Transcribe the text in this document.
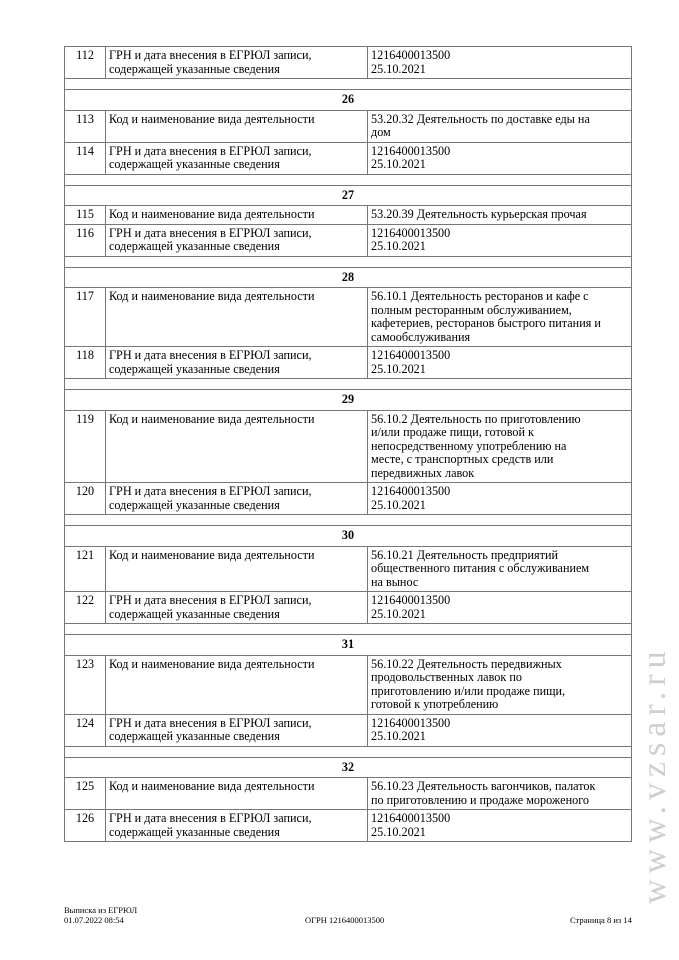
112	ГРН и дата внесения в ЕГРЮЛ записи,
содержащей указанные сведения	1216400013500
25.10.2021

26		
113	Код и наименование вида деятельности	53.20.32 Деятельность по доставке еды на
дом

114	ГРН и дата внесения в ЕГРЮЛ записи,
содержащей указанные сведения	1216400013500
25.10.2021

27		
115	Код и наименование вида деятельности	53.20.39 Деятельность курьерская прочая

116	ГРН и дата внесения в ЕГРЮЛ записи,
содержащей указанные сведения	1216400013500
25.10.2021

28		
117	Код и наименование вида деятельности	56.10.1 Деятельность ресторанов и кафе с
полным ресторанным обслуживанием,
кафетериев, ресторанов быстрого питания и
самообслуживания

118	ГРН и дата внесения в ЕГРЮЛ записи,
содержащей указанные сведения	1216400013500
25.10.2021

29		
119	Код и наименование вида деятельности	56.10.2 Деятельность по приготовлению
и/или продаже пищи, готовой к
непосредственному употреблению на
месте, с транспортных средств или
передвижных лавок

120	ГРН и дата внесения в ЕГРЮЛ записи,
содержащей указанные сведения	1216400013500
25.10.2021

30		
121	Код и наименование вида деятельности	56.10.21 Деятельность предприятий
общественного питания с обслуживанием
на вынос

122	ГРН и дата внесения в ЕГРЮЛ записи,
содержащей указанные сведения	1216400013500
25.10.2021

31		
123	Код и наименование вида деятельности	56.10.22 Деятельность передвижных
продовольственных лавок по
приготовлению и/или продаже пищи,
готовой к употреблению

124	ГРН и дата внесения в ЕГРЮЛ записи,
содержащей указанные сведения	1216400013500
25.10.2021

32		
125	Код и наименование вида деятельности	56.10.23 Деятельность вагончиков, палаток
по приготовлению и продаже мороженого

126	ГРН и дата внесения в ЕГРЮЛ записи,
содержащей указанные сведения	1216400013500
25.10.2021
Выписка из ЕГРЮЛ
01.07.2022 08:54	ОГРН 1216400013500	Страница 8 из 14
www.vzsar.ru
